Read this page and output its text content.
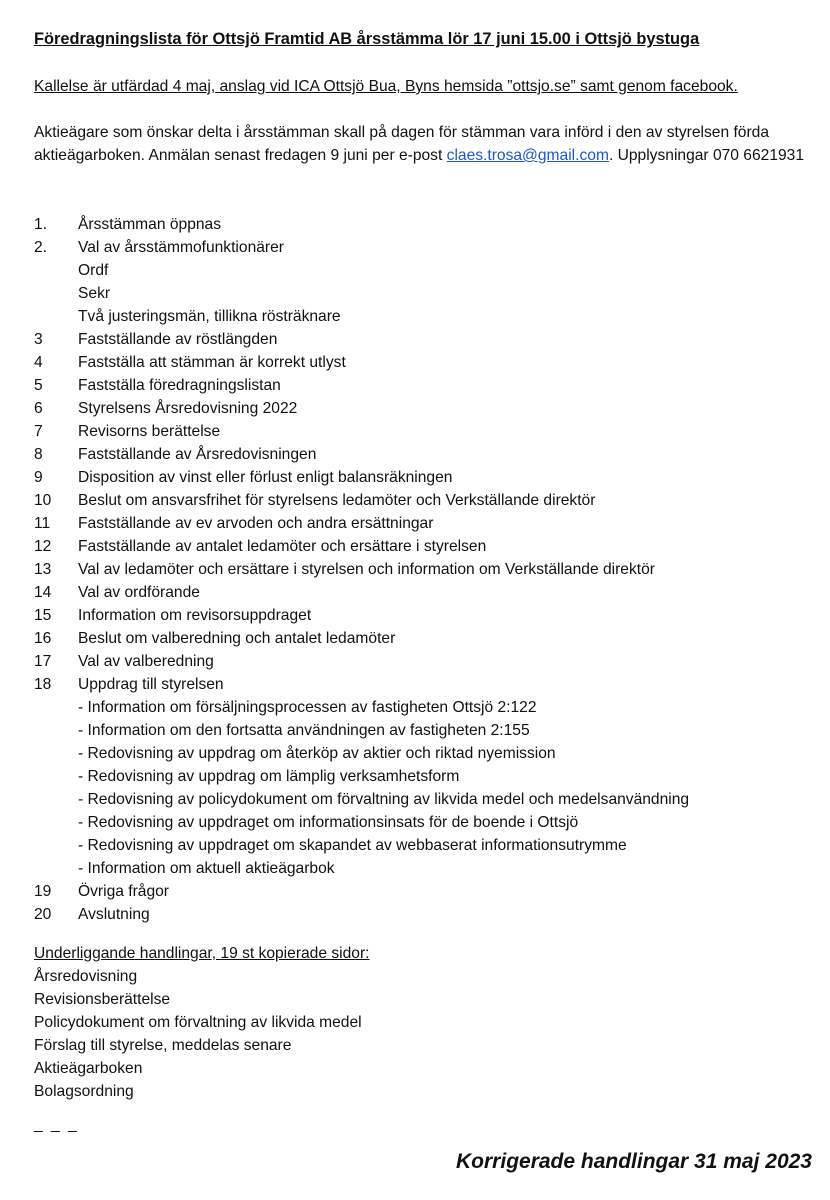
Föredragningslista för Ottsjö Framtid AB årsstämma lör 17 juni 15.00 i Ottsjö bystuga
Kallelse är utfärdad 4 maj, anslag vid ICA Ottsjö Bua, Byns hemsida ”ottsjo.se” samt genom facebook.
Aktieägare som önskar delta i årsstämman skall på dagen för stämman vara införd i den av styrelsen förda aktieägarboken. Anmälan senast fredagen 9 juni per e-post claes.trosa@gmail.com. Upplysningar 070 6621931
1.	Årsstämman öppnas
2.	Val av årsstämmofunktionärer
Ordf
Sekr
Två justeringsmän, tillikna rösträknare
3	Fastställande av röstlängden
4	Fastställa att stämman är korrekt utlyst
5	Fastställa föredragningslistan
6	Styrelsens Årsredovisning 2022
7	Revisorns berättelse
8	Fastställande av Årsredovisningen
9	Disposition av vinst eller förlust enligt balansräkningen
10	Beslut om ansvarsfrihet för styrelsens ledamöter och Verkställande direktör
11	Fastställande av ev arvoden och andra ersättningar
12	Fastställande av antalet ledamöter och ersättare i styrelsen
13	Val av ledamöter och ersättare i styrelsen och information om Verkställande direktör
14	Val av ordförande
15	Information om revisorsuppdraget
16	Beslut om valberedning och antalet ledamöter
17	Val av valberedning
18	Uppdrag till styrelsen
- Information om försäljningsprocessen av fastigheten Ottsjö 2:122
- Information om den fortsatta användningen av fastigheten 2:155
- Redovisning av uppdrag om återköp av aktier och riktad nyemission
- Redovisning av uppdrag om lämplig verksamhetsform
- Redovisning av policydokument om förvaltning av likvida medel och medelsanvändning
- Redovisning av uppdraget om informationsinsats för de boende i Ottsjö
- Redovisning av uppdraget om skapandet av webbaserat informationsutrymme
- Information om aktuell aktieägarbok
19	Övriga frågor
20	Avslutning
Underliggande handlingar, 19 st kopierade sidor:
Årsredovisning
Revisionsberättelse
Policydokument om förvaltning av likvida medel
Förslag till styrelse, meddelas senare
Aktieägarboken
Bolagsordning
_ _ _
Korrigerade handlingar 31 maj 2023
